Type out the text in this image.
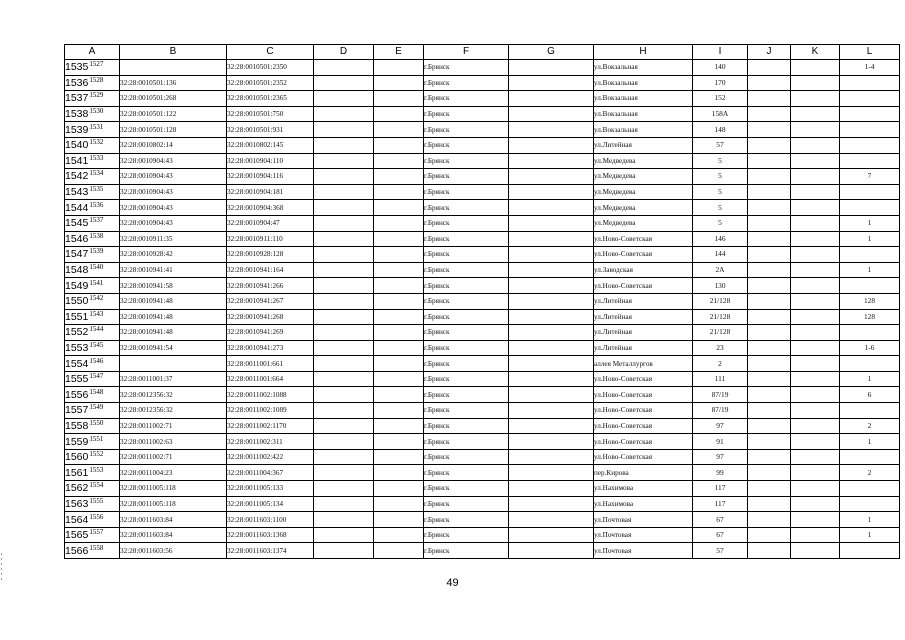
A	B	C	D	E	F	G	H	I	J	K	L
$1535^{1527}$		32:28:0010501:2350			г.Брянск		ул.Вокзальная	140			1-4
$1536^{1528}$	32:28:0010501:136	32:28:0010501:2352			г.Брянск		ул.Вокзальная	170			
$1537^{1529}$	32:28:0010501:268	32:28:0010501:2365			г.Брянск		ул.Вокзальная	152			
$1538^{1530}$	32:28:0010501:122	32:28:0010501:750			г.Брянск		ул.Вокзальная	158А			
$1539^{1531}$	32:28:0010501:128	32:28:0010501:931			г.Брянск		ул.Вокзальная	148			
$1540^{1532}$	32:28:0010802:14	32:28:0010802:145			г.Брянск		ул.Литейная	57			
$1541^{1533}$	32:28:0010904:43	32:28:0010904:110			г.Брянск		ул.Медведева	5			
$1542^{1534}$	32:28:0010904:43	32:28:0010904:116			г.Брянск		ул.Медведева	5			7
$1543^{1535}$	32:28:0010904:43	32:28:0010904:181			г.Брянск		ул.Медведева	5			
$1544^{1536}$	32:28:0010904:43	32:28:0010904:368			г.Брянск		ул.Медведева	5			
$1545^{1537}$	32:28:0010904:43	32:28:0010904:47			г.Брянск		ул.Медведева	5			1
$1546^{1538}$	32:28:0010911:35	32:28:0010911:110			г.Брянск		ул.Ново-Советская	146			1
$1547^{1539}$	32:28:0010928:42	32:28:0010928:128			г.Брянск		ул.Ново-Советская	144			
$1548^{1540}$	32:28:0010941:41	32:28:0010941:164			г.Брянск		ул.Заводская	2А			1
$1549^{1541}$	32:28:0010941:58	32:28:0010941:266			г.Брянск		ул.Ново-Советская	130			
$1550^{1542}$	32:28:0010941:48	32:28:0010941:267			г.Брянск		ул.Литейная	21/128			128
$1551^{1543}$	32:28:0010941:48	32:28:0010941:268			г.Брянск		ул.Литейная	21/128			128
$1552^{1544}$	32:28:0010941:48	32:28:0010941:269			г.Брянск		ул.Литейная	21/128			
$1553^{1545}$	32:28:0010941:54	32:28:0010941:273			г.Брянск		ул.Литейная	23			1-6
$1554^{1546}$		32:28:0011001:661			г.Брянск		аллея Металлургов	2			
$1555^{1547}$	32:28:0011001:37	32:28:0011001:664			г.Брянск		ул.Ново-Советская	111			1
$1556^{1548}$	32:28:0012356:32	32:28:0011002:1088			г.Брянск		ул.Ново-Советская	87/19			6
$1557^{1549}$	32:28:0012356:32	32:28:0011002:1089			г.Брянск		ул.Ново-Советская	87/19			
$1558^{1550}$	32:28:0011002:71	32:28:0011002:1170			г.Брянск		ул.Ново-Советская	97			2
$1559^{1551}$	32:28:0011002:63	32:28:0011002:311			г.Брянск		ул.Ново-Советская	91			1
$1560^{1552}$	32:28:0011002:71	32:28:0011002:422			г.Брянск		ул.Ново-Советская	97			
$1561^{1553}$	32:28:0011004:23	32:28:0011004:367			г.Брянск		пер.Кирова	99			2
$1562^{1554}$	32:28:0011005:118	32:28:0011005:133			г.Брянск		ул.Нахимова	117			
$1563^{1555}$	32:28:0011005:118	32:28:0011005:134			г.Брянск		ул.Нахимова	117			
$1564^{1556}$	32:28:0011603:84	32:28:0011603:1100			г.Брянск		ул.Почтовая	67			1
$1565^{1557}$	32:28:0011603:84	32:28:0011603:1368			г.Брянск		ул.Почтовая	67			1
$1566^{1558}$	32:28:0011603:56	32:28:0011603:1374			г.Брянск		ул.Почтовая	57			
49
